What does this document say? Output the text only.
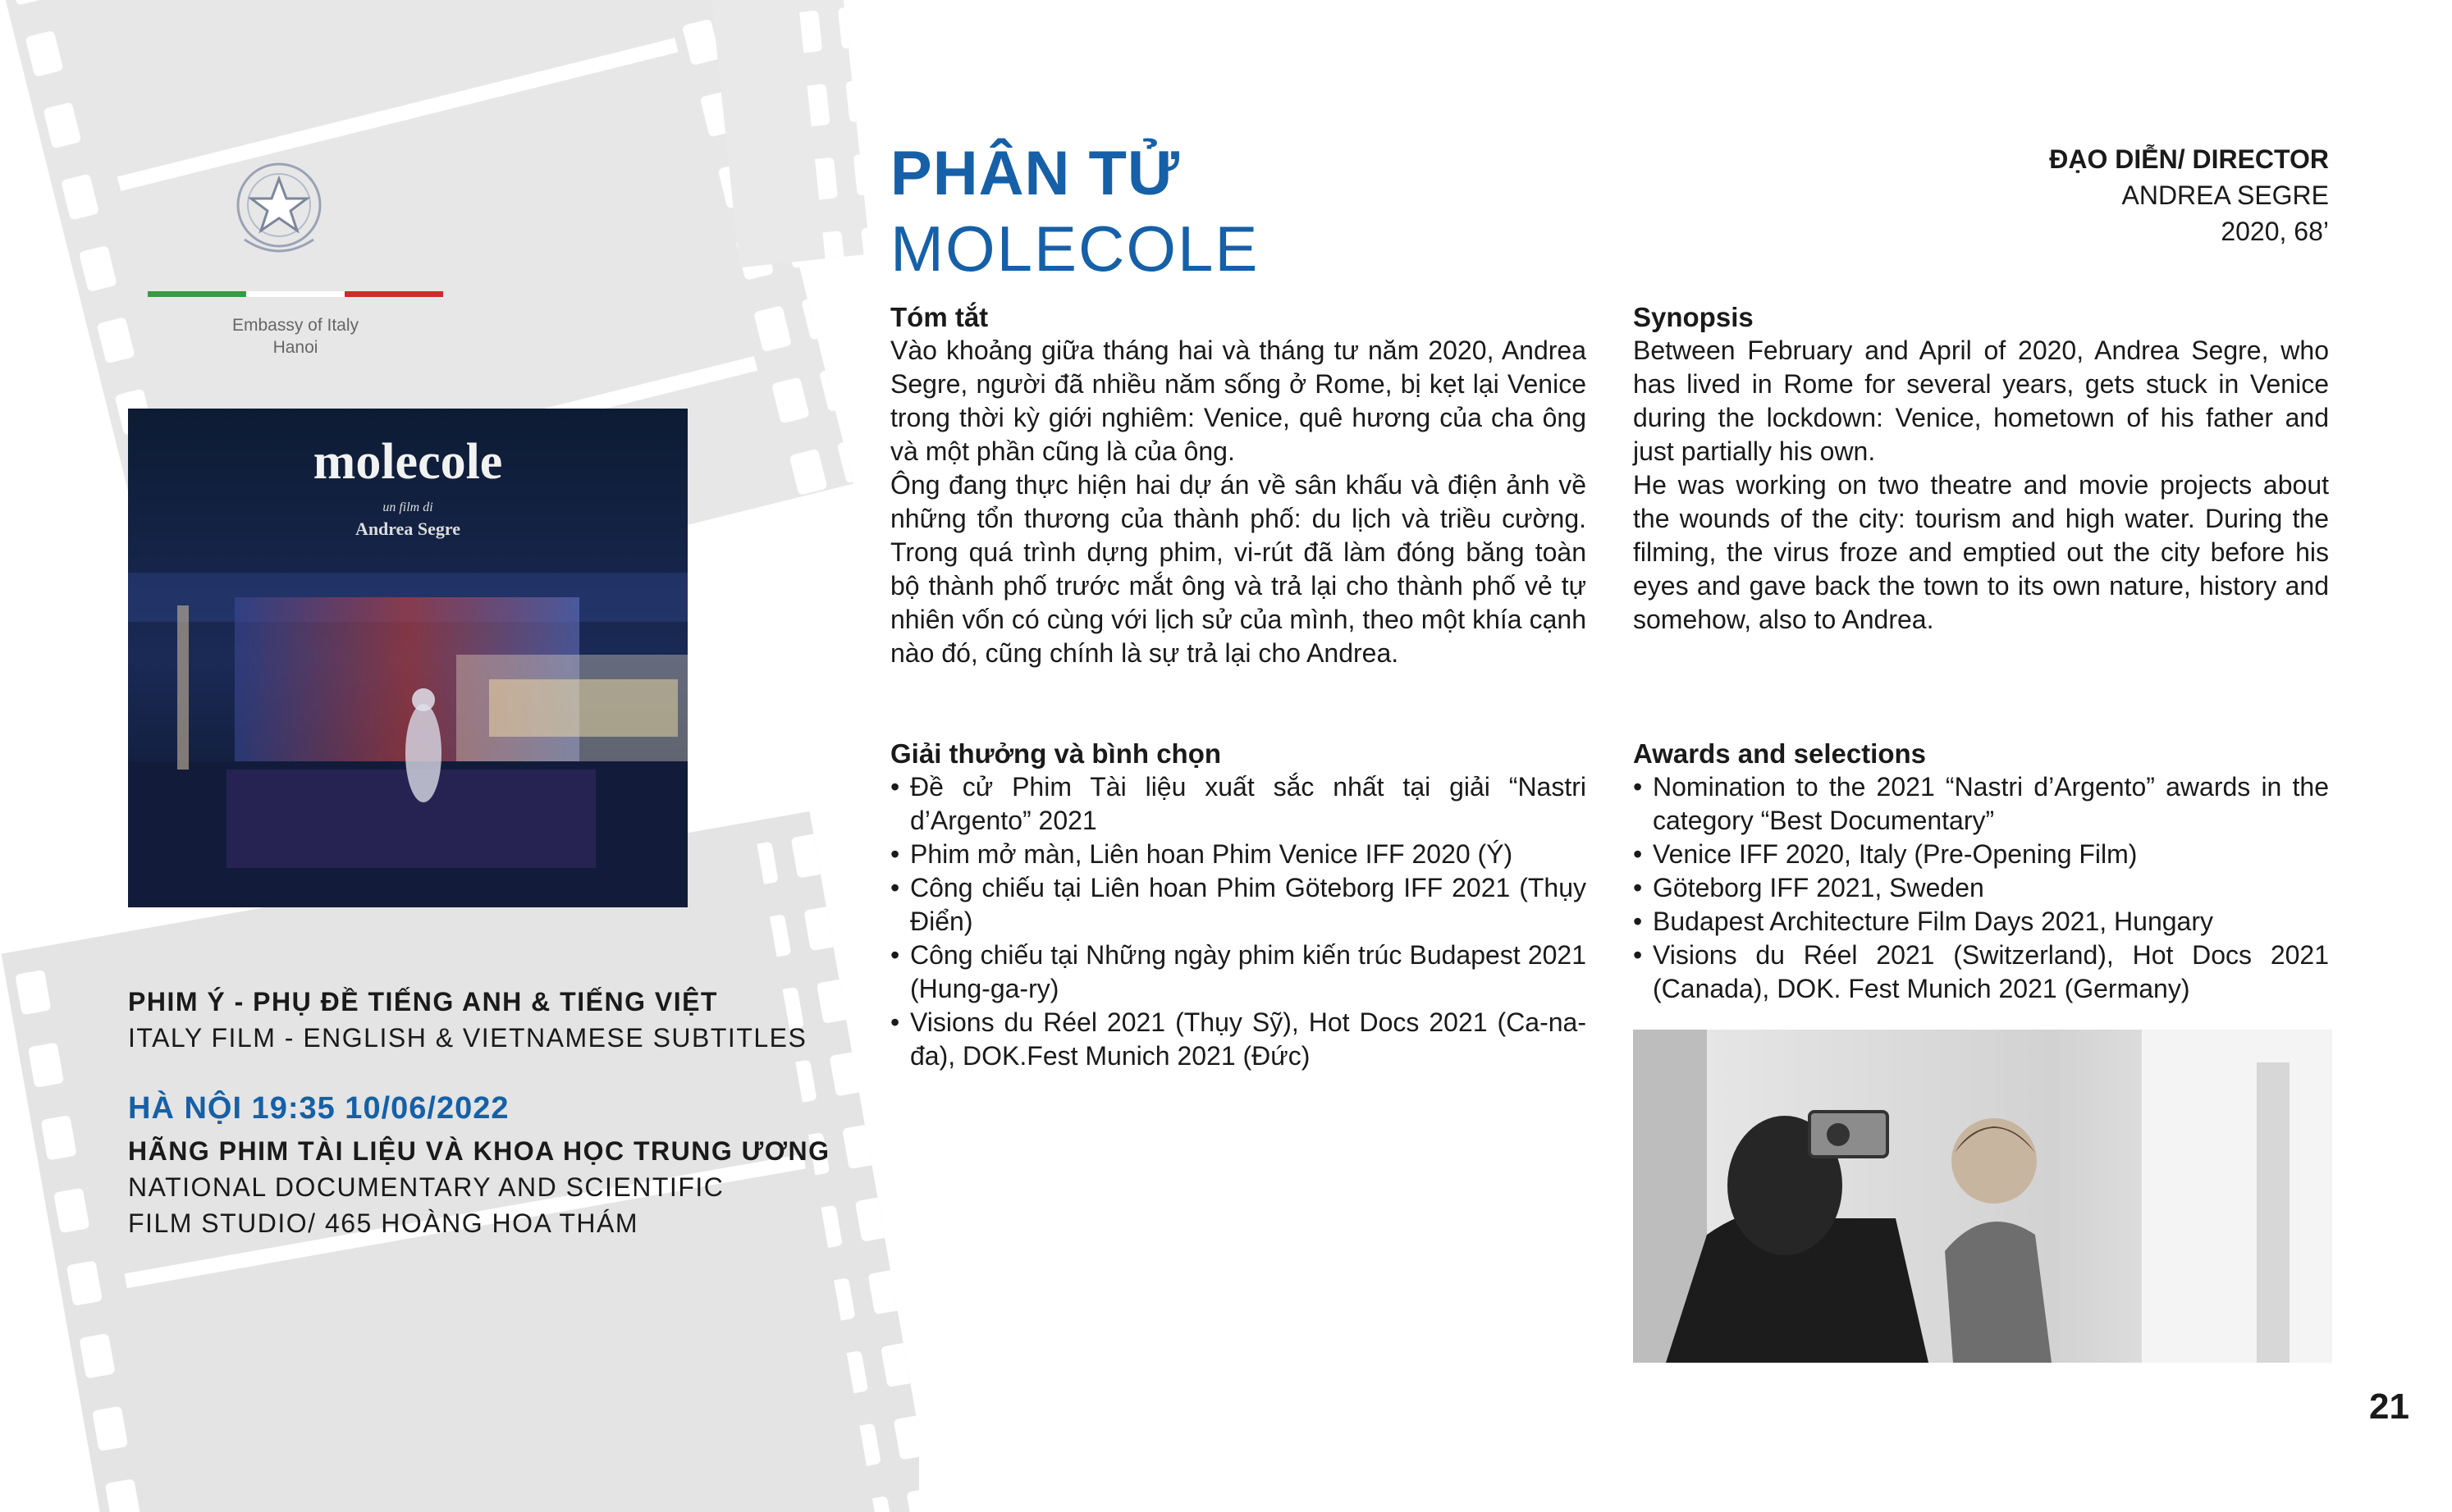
Embassy of Italy
Hanoi
molecole
un film di
Andrea Segre
PHIM Ý - PHỤ ĐỀ TIẾNG ANH & TIẾNG VIỆT
ITALY FILM - ENGLISH & VIETNAMESE SUBTITLES
HÀ NỘI 19:35 10/06/2022
HÃNG PHIM TÀI LIỆU VÀ KHOA HỌC TRUNG ƯƠNG
NATIONAL DOCUMENTARY AND SCIENTIFIC
FILM STUDIO/ 465 HOÀNG HOA THÁM
PHÂN TỬ
MOLECOLE
ĐẠO DIỄN/ DIRECTOR
ANDREA SEGRE
2020, 68’
Tóm tắt

Vào khoảng giữa tháng hai và tháng tư năm 2020, Andrea Segre, người đã nhiều năm sống ở Rome, bị kẹt lại Venice trong thời kỳ giới nghiêm: Venice, quê hương của cha ông và một phần cũng là của ông.

Ông đang thực hiện hai dự án về sân khấu và điện ảnh về những tổn thương của thành phố: du lịch và triều cường. Trong quá trình dựng phim, vi-rút đã làm đóng băng toàn bộ thành phố trước mắt ông và trả lại cho thành phố vẻ tự nhiên vốn có cùng với lịch sử của mình, theo một khía cạnh nào đó, cũng chính là sự trả lại cho Andrea.

Synopsis

Between February and April of 2020, Andrea Segre, who has lived in Rome for several years, gets stuck in Venice during the lockdown: Venice, hometown of his father and just partially his own.

He was working on two theatre and movie projects about the wounds of the city: tourism and high water. During the filming, the virus froze and emptied out the city before his eyes and gave back the town to its own nature, history and somehow, also to Andrea.

Giải thưởng và bình chọn
• Đề cử Phim Tài liệu xuất sắc nhất tại giải “Nastri d’Argento” 2021
• Phim mở màn, Liên hoan Phim Venice IFF 2020 (Ý)
• Công chiếu tại Liên hoan Phim Göteborg IFF 2021 (Thụy Điển)
• Công chiếu tại Những ngày phim kiến trúc Budapest 2021 (Hung-ga-ry)
• Visions du Réel 2021 (Thụy Sỹ), Hot Docs 2021 (Ca-na-đa), DOK.Fest Munich 2021 (Đức)
Awards and selections
• Nomination to the 2021 “Nastri d’Argento” awards in the category “Best Documentary”
• Venice IFF 2020, Italy (Pre-Opening Film)
• Göteborg IFF 2021, Sweden
• Budapest Architecture Film Days 2021, Hungary
• Visions du Réel 2021 (Switzerland), Hot Docs 2021 (Canada), DOK. Fest Munich 2021 (Germany)
21
